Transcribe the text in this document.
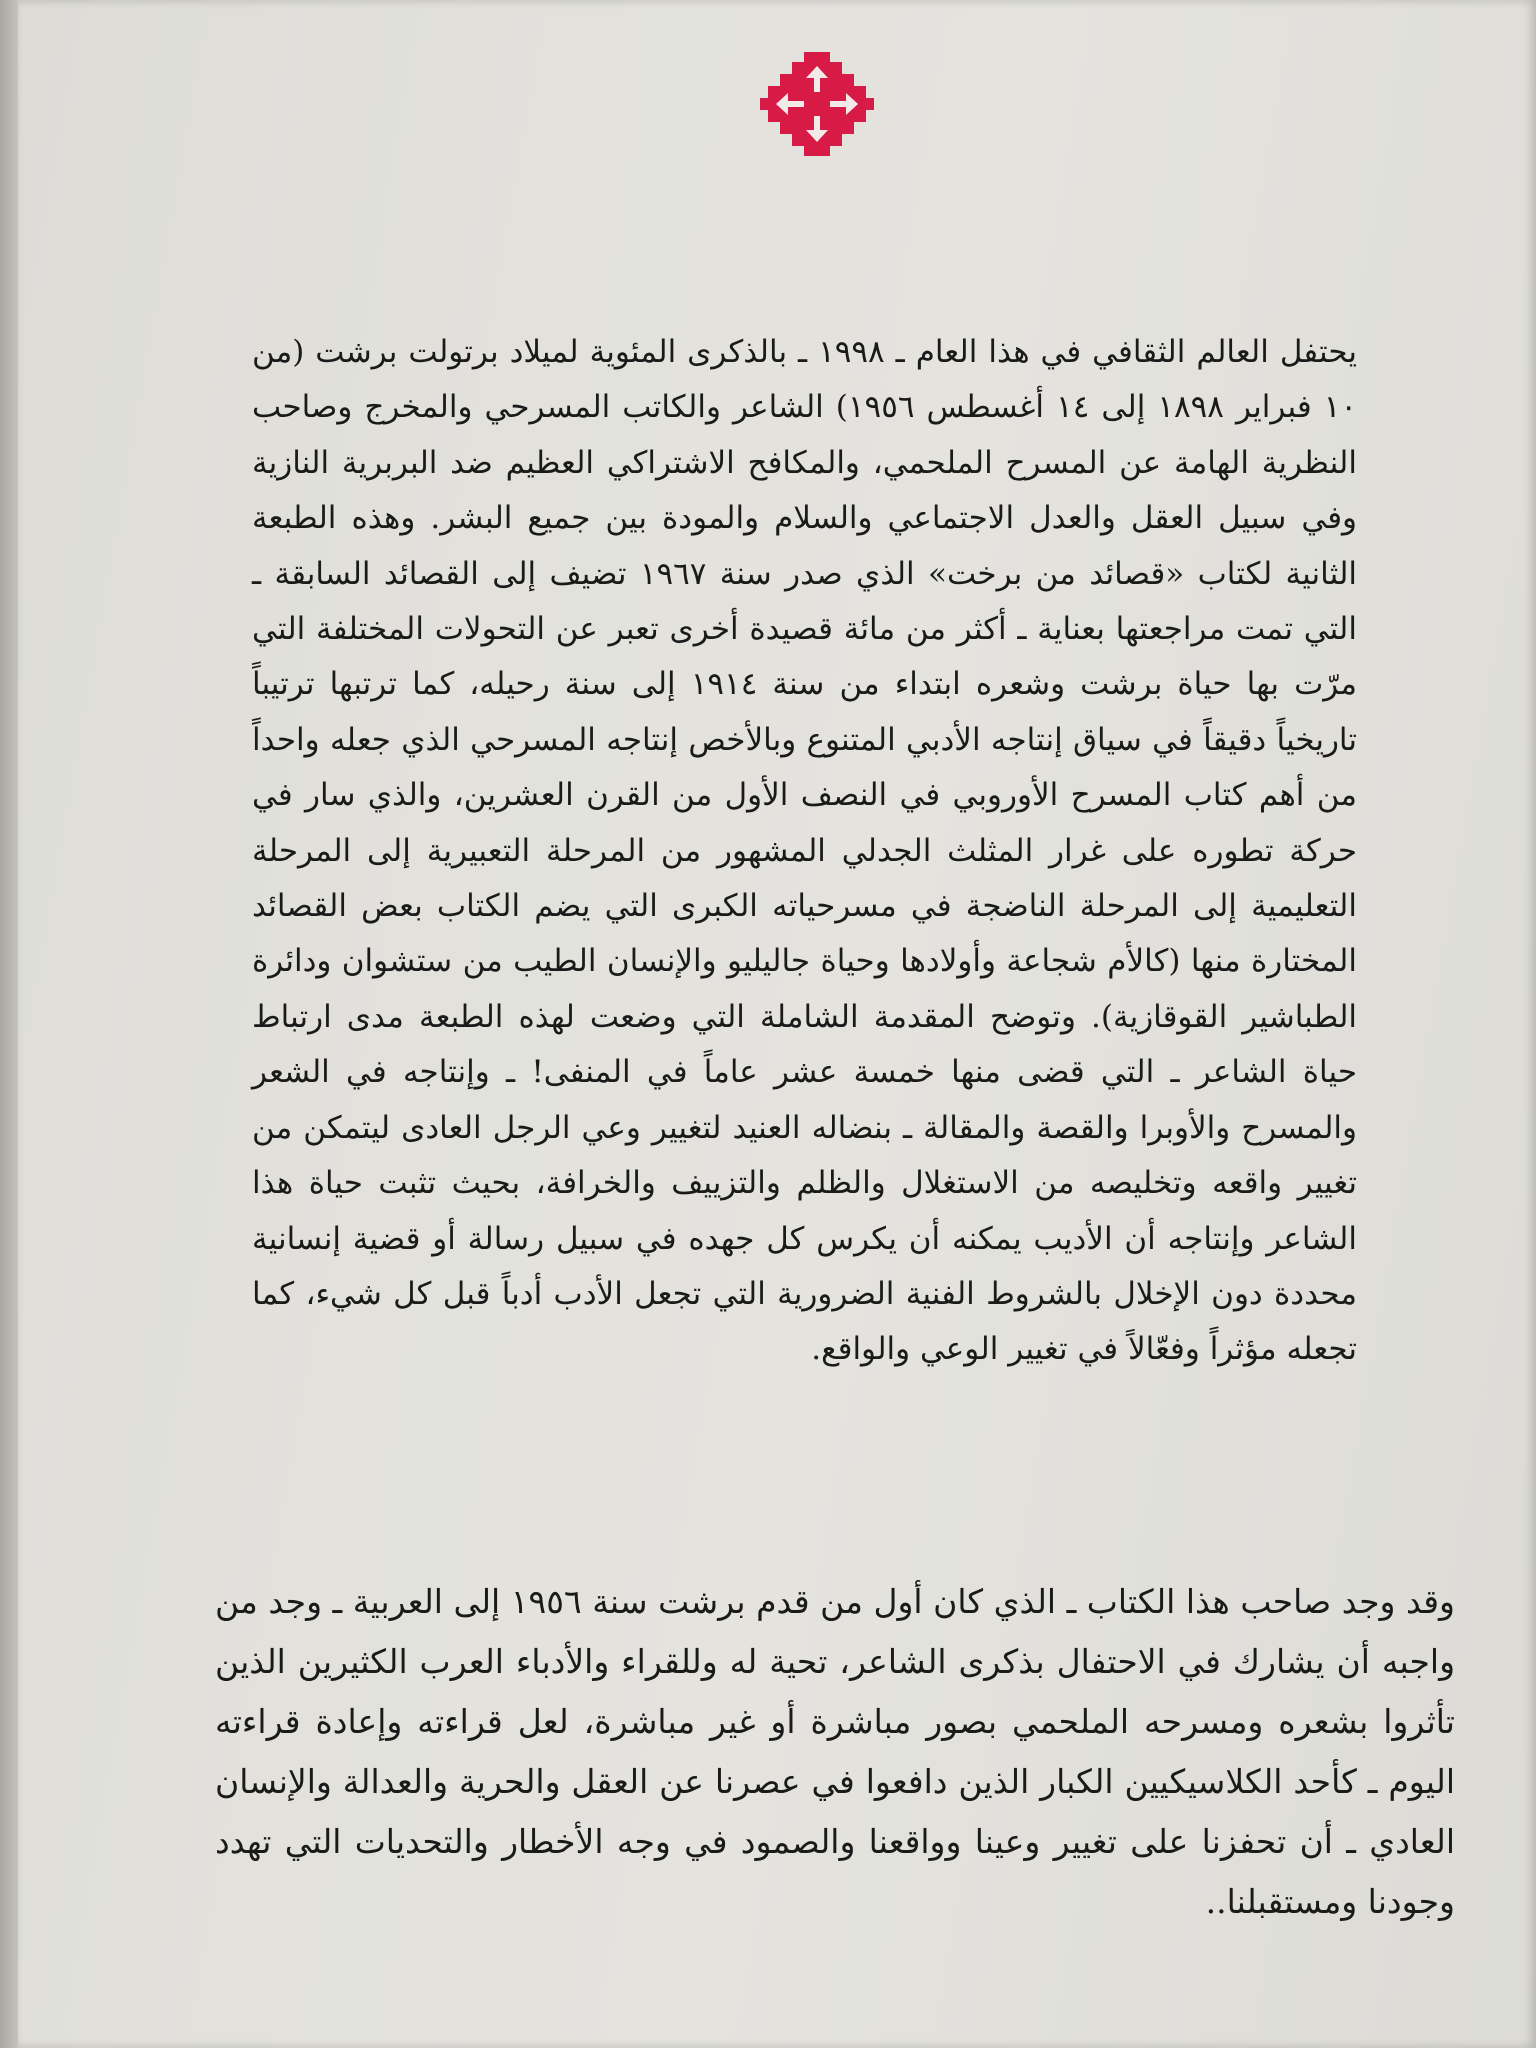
يحتفل العالم الثقافي في هذا العام ـ ١٩٩٨ ـ بالذكرى المئوية لميلاد برتولت برشت (من ١٠ فبراير ١٨٩٨ إلى ١٤ أغسطس ١٩٥٦) الشاعر والكاتب المسرحي والمخرج وصاحب النظرية الهامة عن المسرح الملحمي، والمكافح الاشتراكي العظيم ضد البربرية النازية وفي سبيل العقل والعدل الاجتماعي والسلام والمودة بين جميع البشر. وهذه الطبعة الثانية لكتاب «قصائد من برخت» الذي صدر سنة ١٩٦٧ تضيف إلى القصائد السابقة ـ التي تمت مراجعتها بعناية ـ أكثر من مائة قصيدة أخرى تعبر عن التحولات المختلفة التي مرّت بها حياة برشت وشعره ابتداء من سنة ١٩١٤ إلى سنة رحيله، كما ترتبها ترتيباً تاريخياً دقيقاً في سياق إنتاجه الأدبي المتنوع وبالأخص إنتاجه المسرحي الذي جعله واحداً من أهم كتاب المسرح الأوروبي في النصف الأول من القرن العشرين، والذي سار في حركة تطوره على غرار المثلث الجدلي المشهور من المرحلة التعبيرية إلى المرحلة التعليمية إلى المرحلة الناضجة في مسرحياته الكبرى التي يضم الكتاب بعض القصائد المختارة منها (كالأم شجاعة وأولادها وحياة جاليليو والإنسان الطيب من ستشوان ودائرة الطباشير القوقازية). وتوضح المقدمة الشاملة التي وضعت لهذه الطبعة مدى ارتباط حياة الشاعر ـ التي قضى منها خمسة عشر عاماً في المنفى! ـ وإنتاجه في الشعر والمسرح والأوبرا والقصة والمقالة ـ بنضاله العنيد لتغيير وعي الرجل العادى ليتمكن من تغيير واقعه وتخليصه من الاستغلال والظلم والتزييف والخرافة، بحيث تثبت حياة هذا الشاعر وإنتاجه أن الأديب يمكنه أن يكرس كل جهده في سبيل رسالة أو قضية إنسانية محددة دون الإخلال بالشروط الفنية الضرورية التي تجعل الأدب أدباً قبل كل شيء، كما تجعله مؤثراً وفعّالاً في تغيير الوعي والواقع.
وقد وجد صاحب هذا الكتاب ـ الذي كان أول من قدم برشت سنة ١٩٥٦ إلى العربية ـ وجد من واجبه أن يشارك في الاحتفال بذكرى الشاعر، تحية له وللقراء والأدباء العرب الكثيرين الذين تأثروا بشعره ومسرحه الملحمي بصور مباشرة أو غير مباشرة، لعل قراءته وإعادة قراءته اليوم ـ كأحد الكلاسيكيين الكبار الذين دافعوا في عصرنا عن العقل والحرية والعدالة والإنسان العادي ـ أن تحفزنا على تغيير وعينا وواقعنا والصمود في وجه الأخطار والتحديات التي تهدد وجودنا ومستقبلنا..
